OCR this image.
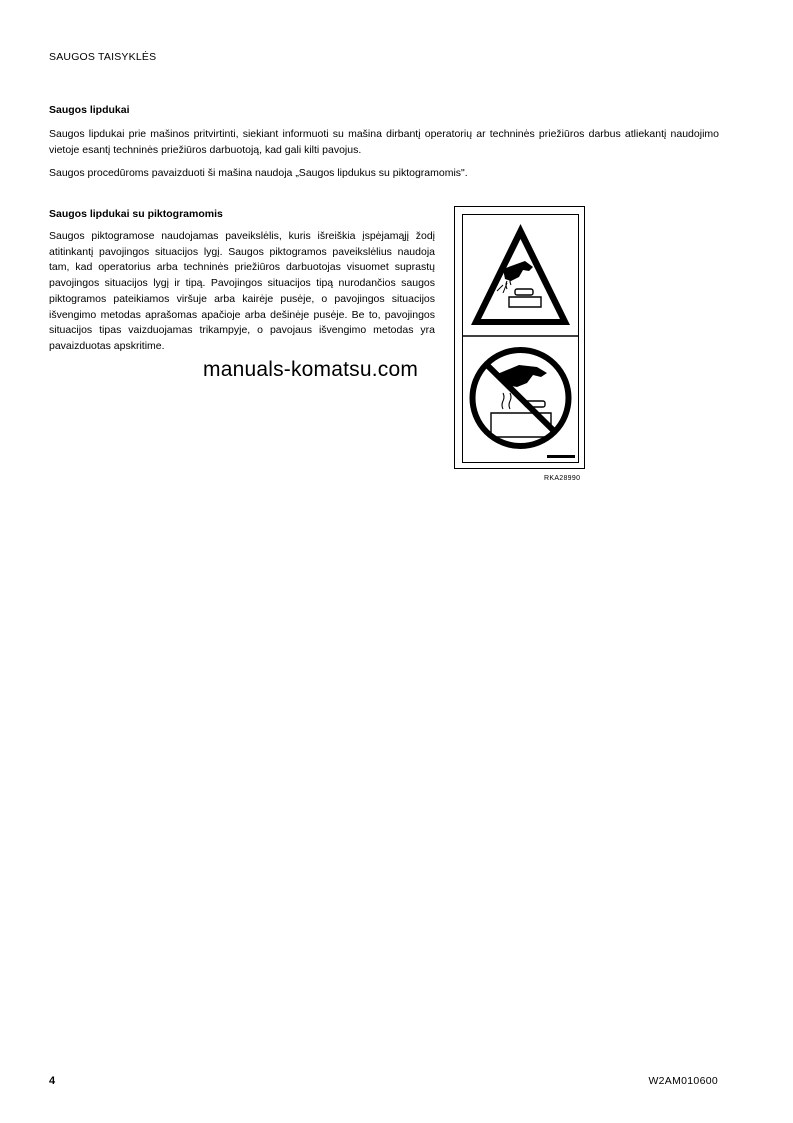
SAUGOS TAISYKLĖS
Saugos lipdukai
Saugos lipdukai prie mašinos pritvirtinti, siekiant informuoti su mašina dirbantį operatorių ar techninės priežiūros darbus atliekantį naudojimo vietoje esantį techninės priežiūros darbuotoją, kad gali kilti pavojus.
Saugos procedūroms pavaizduoti ši mašina naudoja „Saugos lipdukus su piktogramomis".
Saugos lipdukai su piktogramomis
Saugos piktogramose naudojamas paveikslėlis, kuris išreiškia įspėjamąjį žodį atitinkantį pavojingos situacijos lygį. Saugos piktogramos paveikslėlius naudoja tam, kad operatorius arba techninės priežiūros darbuotojas visuomet suprastų pavojingos situacijos lygį ir tipą. Pavojingos situacijos tipą nurodančios saugos piktogramos pateikiamos viršuje arba kairėje pusėje, o pavojingos situacijos išvengimo metodas aprašomas apačioje arba dešinėje pusėje. Be to, pavojingos situacijos tipas vaizduojamas trikampyje, o pavojaus išvengimo metodas yra pavaizduotas apskritime.
RKA28990
manuals-komatsu.com
4	W2AM010600
